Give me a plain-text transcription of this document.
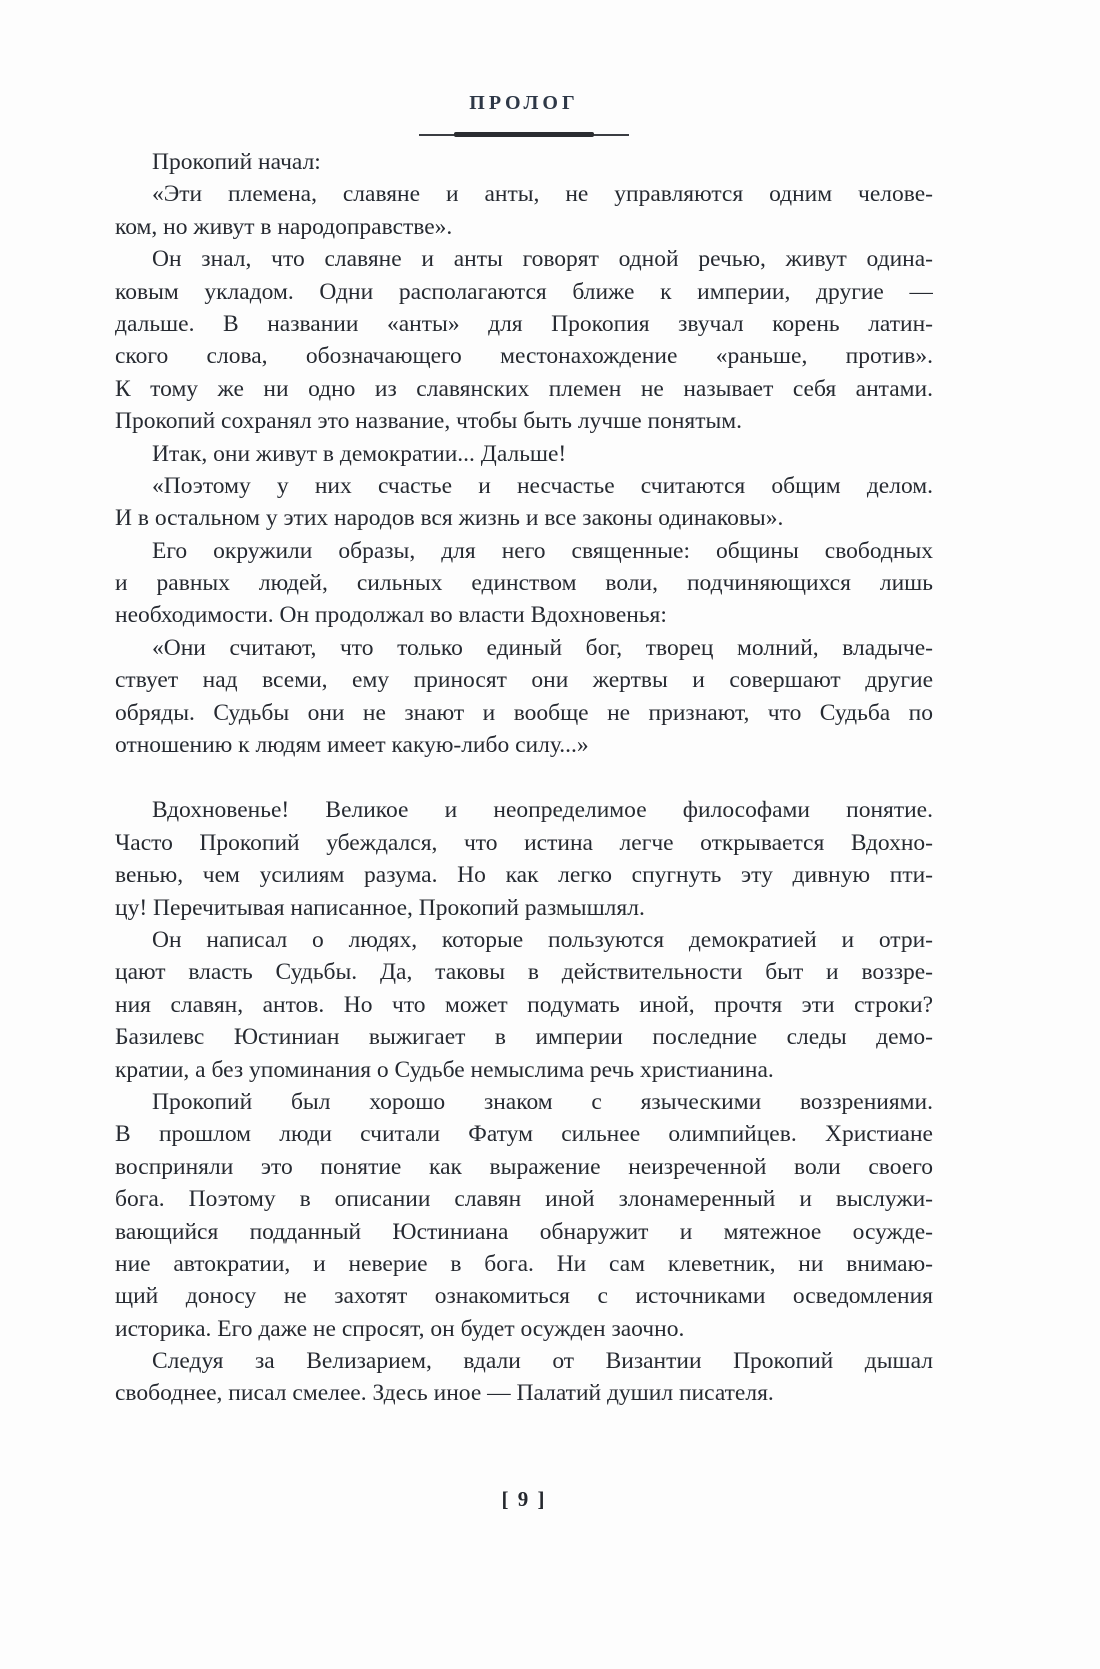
ПРОЛОГ
Прокопий начал:
«Эти племена, славяне и анты, не управляются одним челове-
ком, но живут в народоправстве».
Он знал, что славяне и анты говорят одной речью, живут одина-
ковым укладом. Одни располагаются ближе к империи, другие —
дальше. В названии «анты» для Прокопия звучал корень латин-
ского слова, обозначающего местонахождение «раньше, против».
К тому же ни одно из славянских племен не называет себя антами.
Прокопий сохранял это название, чтобы быть лучше понятым.
Итак, они живут в демократии... Дальше!
«Поэтому у них счастье и несчастье считаются общим делом.
И в остальном у этих народов вся жизнь и все законы одинаковы».
Его окружили образы, для него священные: общины свободных
и равных людей, сильных единством воли, подчиняющихся лишь
необходимости. Он продолжал во власти Вдохновенья:
«Они считают, что только единый бог, творец молний, владыче-
ствует над всеми, ему приносят они жертвы и совершают другие
обряды. Судьбы они не знают и вообще не признают, что Судьба по
отношению к людям имеет какую-либо силу...»
Вдохновенье! Великое и неопределимое философами понятие.
Часто Прокопий убеждался, что истина легче открывается Вдохно-
венью, чем усилиям разума. Но как легко спугнуть эту дивную пти-
цу! Перечитывая написанное, Прокопий размышлял.
Он написал о людях, которые пользуются демократией и отри-
цают власть Судьбы. Да, таковы в действительности быт и воззре-
ния славян, антов. Но что может подумать иной, прочтя эти строки?
Базилевс Юстиниан выжигает в империи последние следы демо-
кратии, а без упоминания о Судьбе немыслима речь христианина.
Прокопий был хорошо знаком с языческими воззрениями.
В прошлом люди считали Фатум сильнее олимпийцев. Христиане
восприняли это понятие как выражение неизреченной воли своего
бога. Поэтому в описании славян иной злонамеренный и выслужи-
вающийся подданный Юстиниана обнаружит и мятежное осужде-
ние автократии, и неверие в бога. Ни сам клеветник, ни внимаю-
щий доносу не захотят ознакомиться с источниками осведомления
историка. Его даже не спросят, он будет осужден заочно.
Следуя за Велизарием, вдали от Византии Прокопий дышал
свободнее, писал смелее. Здесь иное — Палатий душил писателя.
[ 9 ]
